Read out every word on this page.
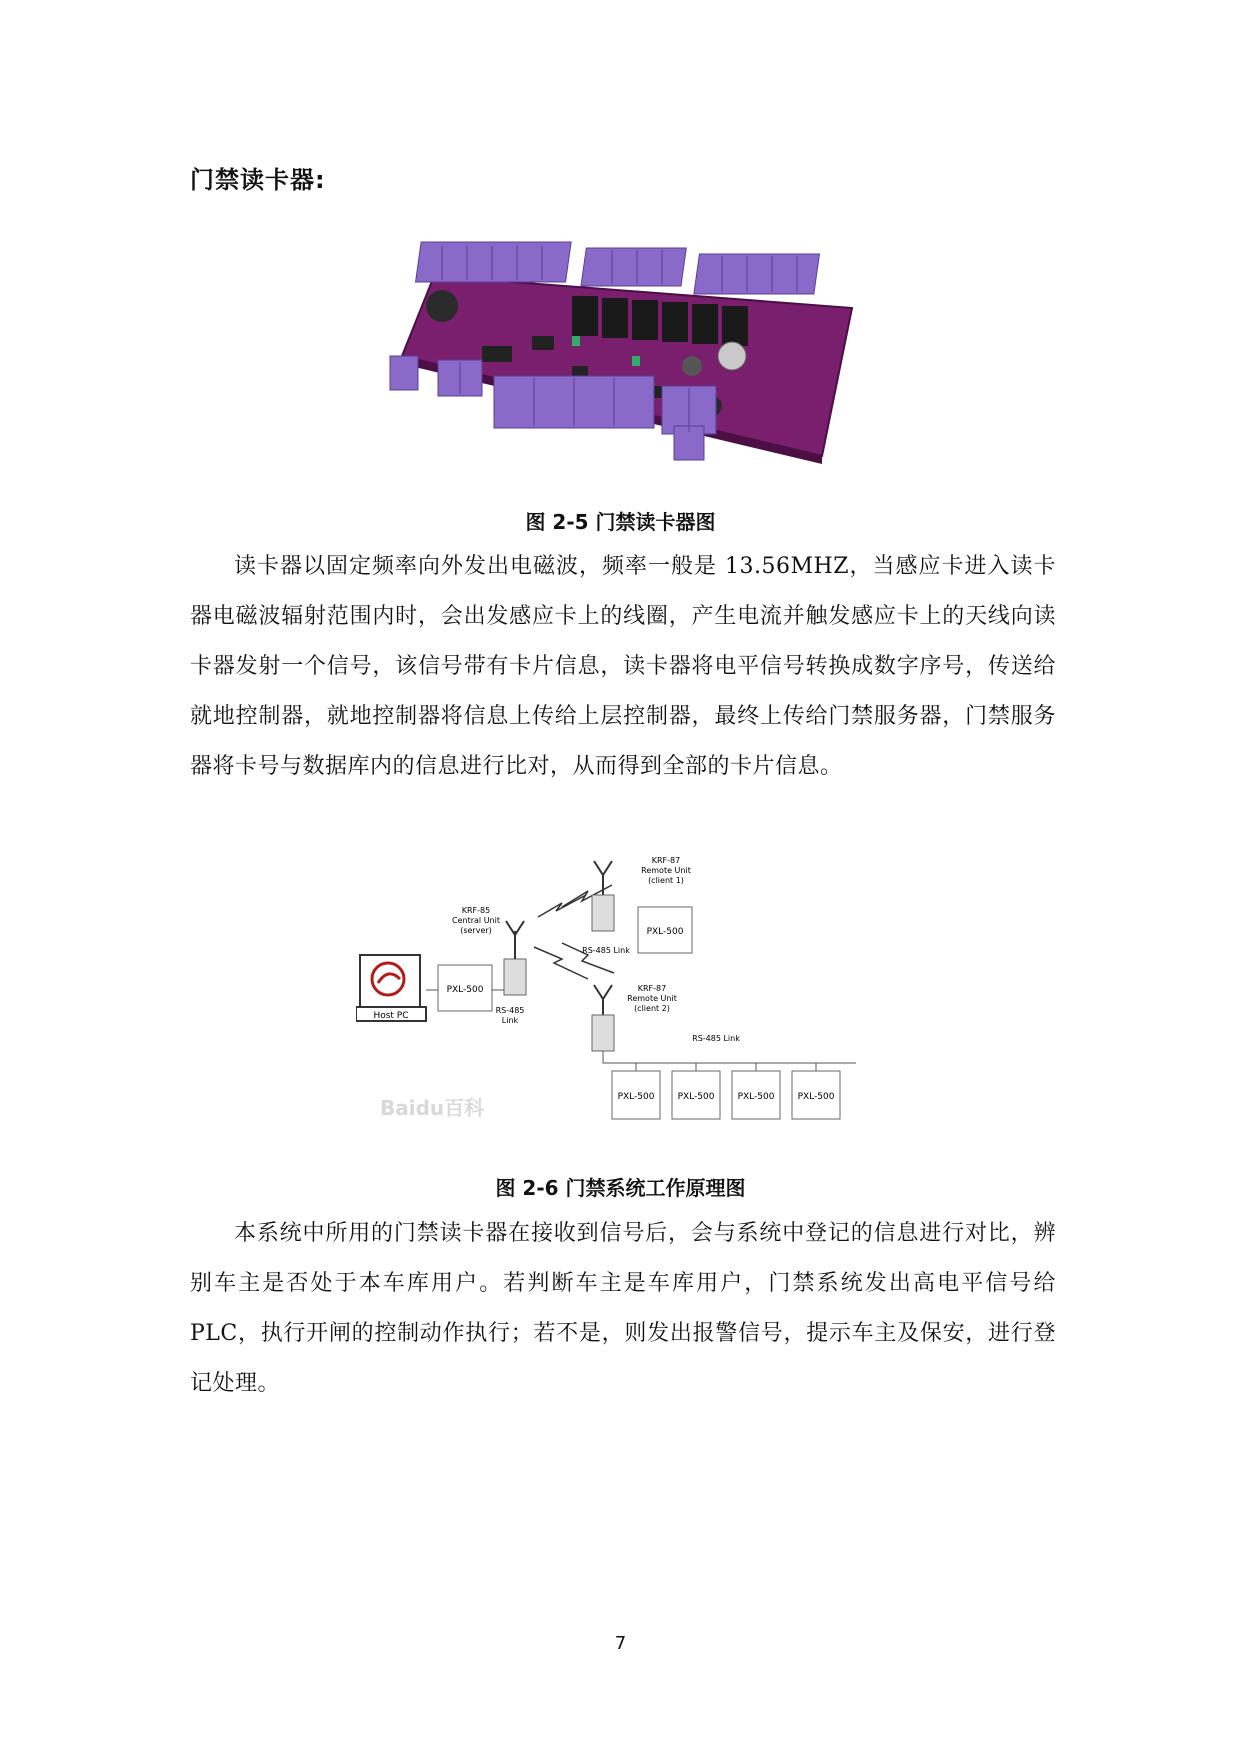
门禁读卡器:
图 2-5 门禁读卡器图
读卡器以固定频率向外发出电磁波，频率一般是 13.56MHZ，当感应卡进入读卡器电磁波辐射范围内时，会出发感应卡上的线圈，产生电流并触发感应卡上的天线向读卡器发射一个信号，该信号带有卡片信息，读卡器将电平信号转换成数字序号，传送给就地控制器，就地控制器将信息上传给上层控制器，最终上传给门禁服务器，门禁服务器将卡号与数据库内的信息进行比对，从而得到全部的卡片信息。
Host PC
PXL-500
KRF-85
Central Unit
(server)
RS-485
Link
KRF-87
Remote Unit
(client 1)
PXL-500
RS-485 Link
KRF-87
Remote Unit
(client 2)
RS-485 Link
PXL-500	PXL-500	PXL-500	PXL-500
Baidu百科
图 2-6 门禁系统工作原理图
本系统中所用的门禁读卡器在接收到信号后，会与系统中登记的信息进行对比，辨别车主是否处于本车库用户。若判断车主是车库用户，门禁系统发出高电平信号给 PLC，执行开闸的控制动作执行；若不是，则发出报警信号，提示车主及保安，进行登记处理。
7
